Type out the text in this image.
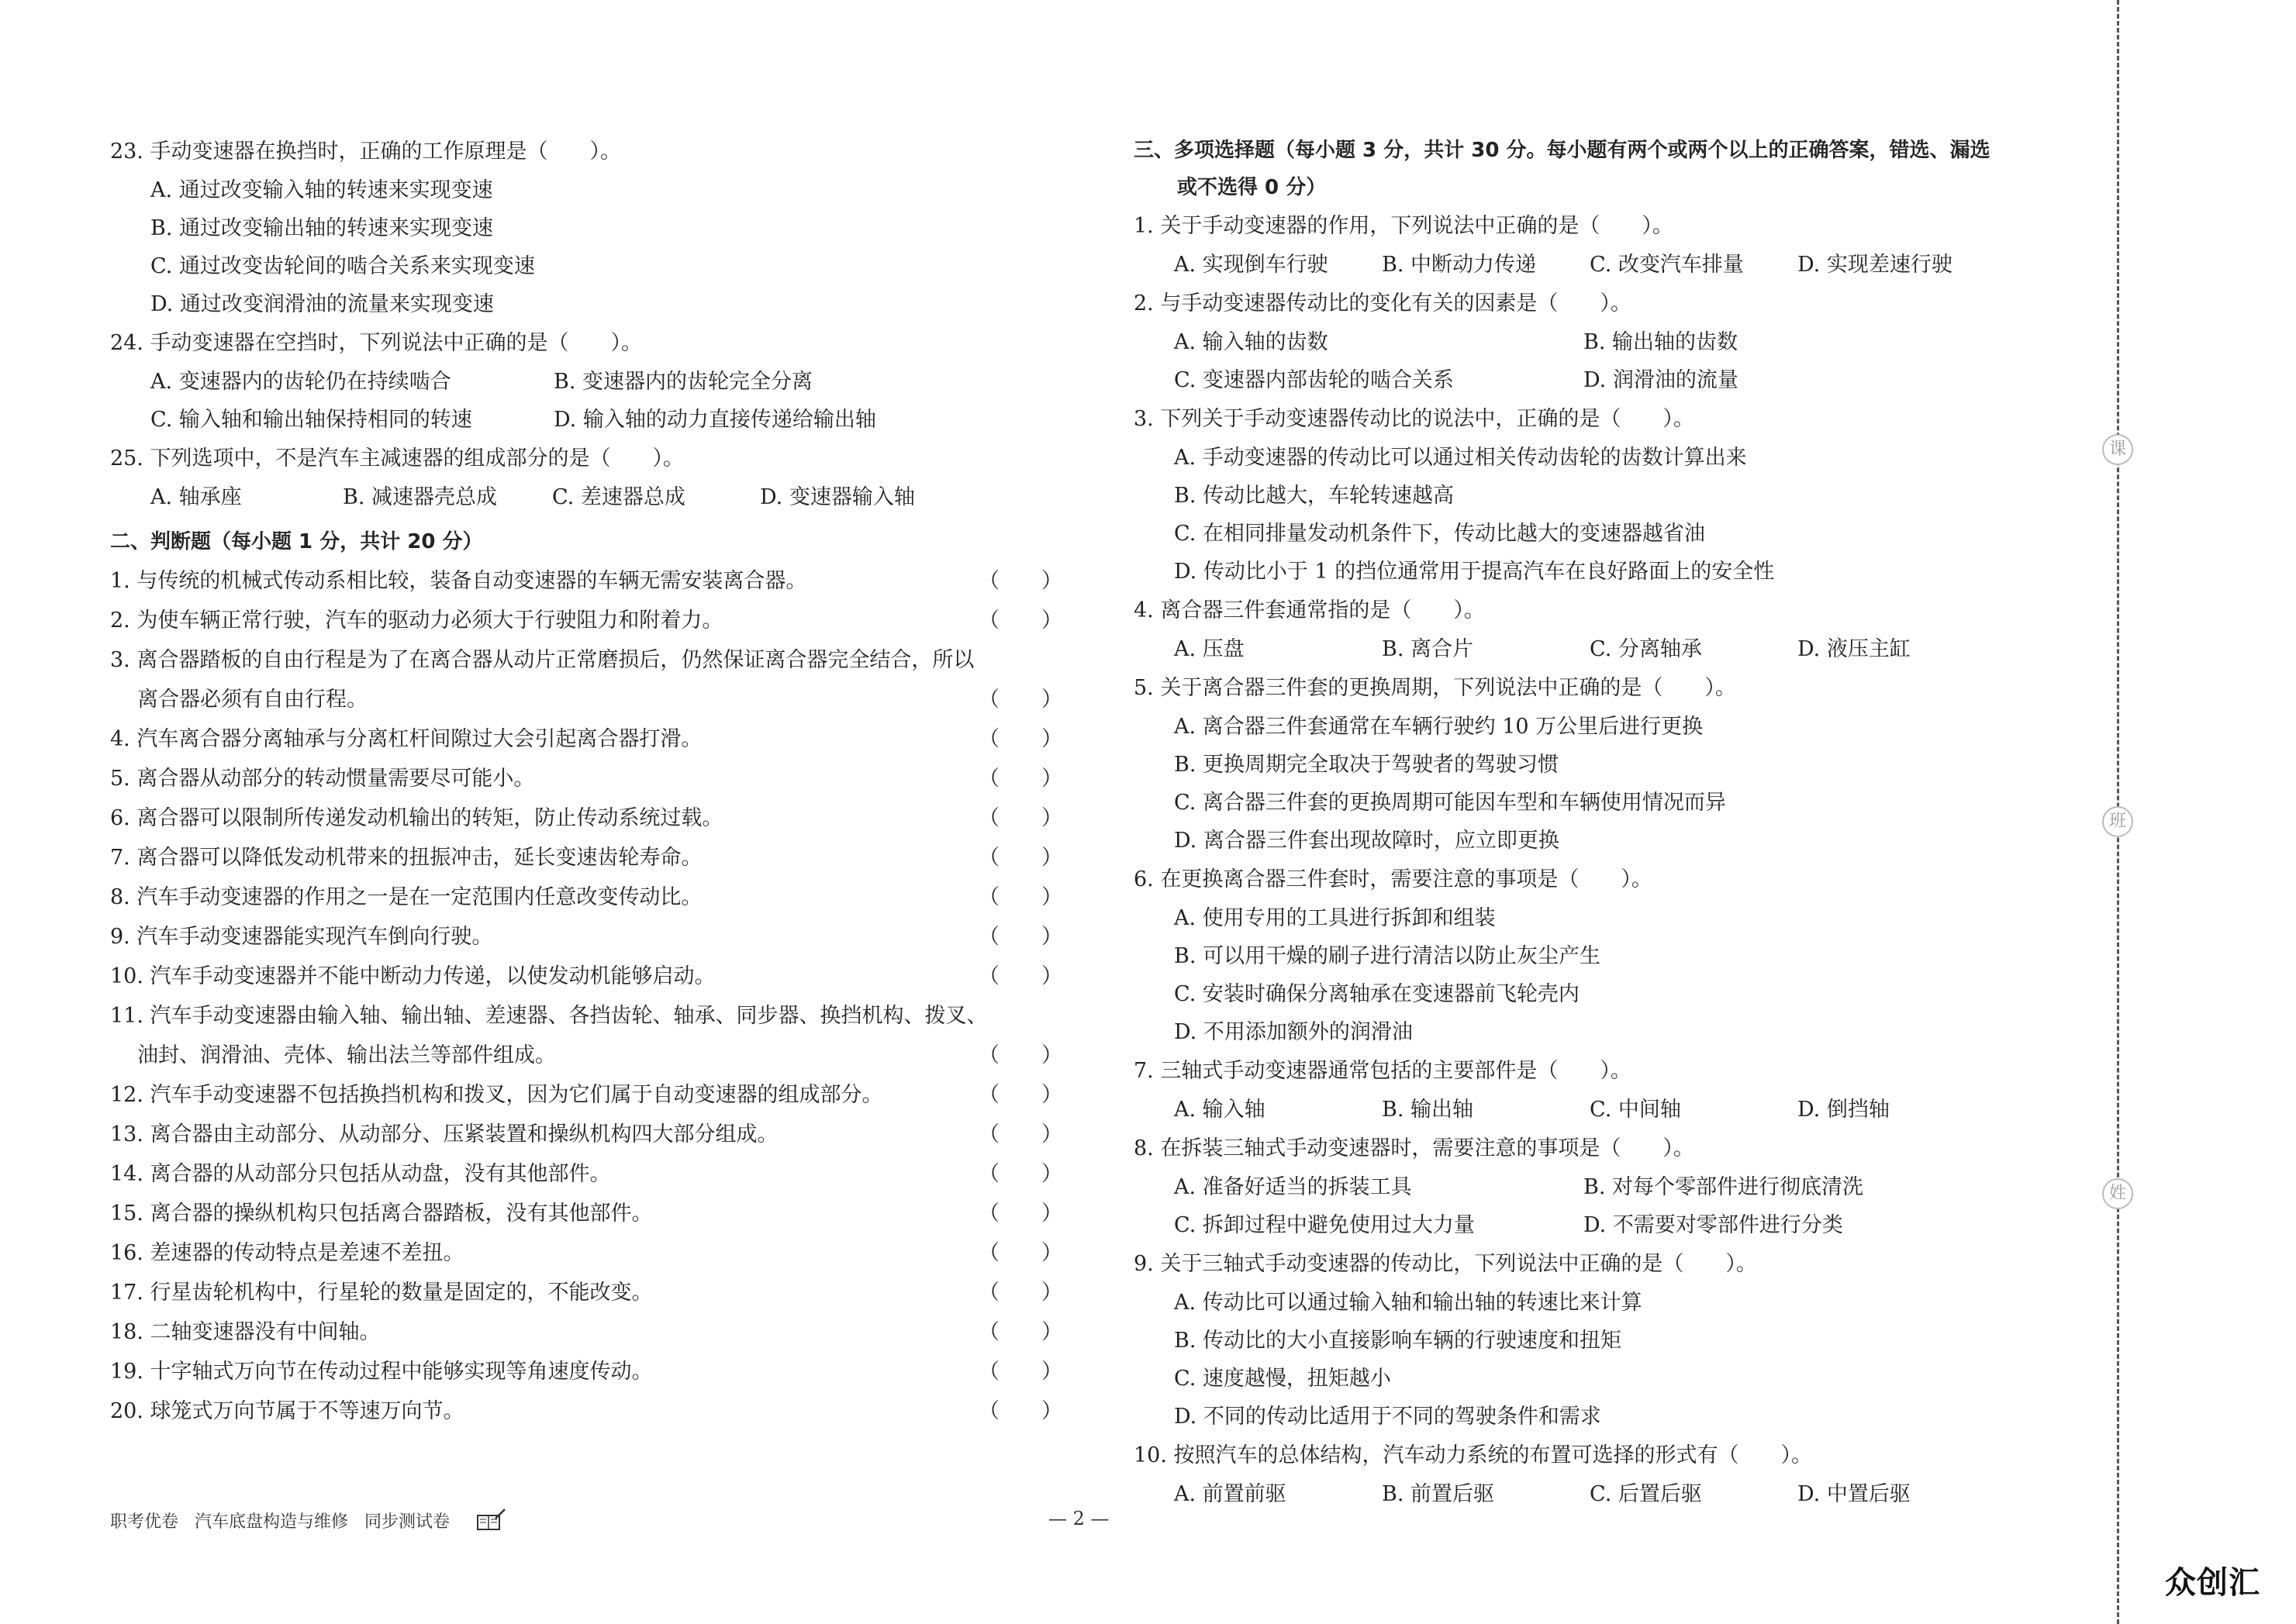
23. 手动变速器在换挡时，正确的工作原理是（　　）。
A. 通过改变输入轴的转速来实现变速
B. 通过改变输出轴的转速来实现变速
C. 通过改变齿轮间的啮合关系来实现变速
D. 通过改变润滑油的流量来实现变速
24. 手动变速器在空挡时，下列说法中正确的是（　　）。
A. 变速器内的齿轮仍在持续啮合	B. 变速器内的齿轮完全分离
C. 输入轴和输出轴保持相同的转速	D. 输入轴的动力直接传递给输出轴
25. 下列选项中，不是汽车主减速器的组成部分的是（　　）。
A. 轴承座	B. 减速器壳总成	C. 差速器总成	D. 变速器输入轴
二、判断题（每小题 1 分，共计 20 分）
1. 与传统的机械式传动系相比较，装备自动变速器的车辆无需安装离合器。	（　　）
2. 为使车辆正常行驶，汽车的驱动力必须大于行驶阻力和附着力。	（　　）
3. 离合器踏板的自由行程是为了在离合器从动片正常磨损后，仍然保证离合器完全结合，所以
离合器必须有自由行程。	（　　）
4. 汽车离合器分离轴承与分离杠杆间隙过大会引起离合器打滑。	（　　）
5. 离合器从动部分的转动惯量需要尽可能小。	（　　）
6. 离合器可以限制所传递发动机输出的转矩，防止传动系统过载。	（　　）
7. 离合器可以降低发动机带来的扭振冲击，延长变速齿轮寿命。	（　　）
8. 汽车手动变速器的作用之一是在一定范围内任意改变传动比。	（　　）
9. 汽车手动变速器能实现汽车倒向行驶。	（　　）
10. 汽车手动变速器并不能中断动力传递，以使发动机能够启动。	（　　）
11. 汽车手动变速器由输入轴、输出轴、差速器、各挡齿轮、轴承、同步器、换挡机构、拨叉、
油封、润滑油、壳体、输出法兰等部件组成。	（　　）
12. 汽车手动变速器不包括换挡机构和拨叉，因为它们属于自动变速器的组成部分。	（　　）
13. 离合器由主动部分、从动部分、压紧装置和操纵机构四大部分组成。	（　　）
14. 离合器的从动部分只包括从动盘，没有其他部件。	（　　）
15. 离合器的操纵机构只包括离合器踏板，没有其他部件。	（　　）
16. 差速器的传动特点是差速不差扭。	（　　）
17. 行星齿轮机构中，行星轮的数量是固定的，不能改变。	（　　）
18. 二轴变速器没有中间轴。	（　　）
19. 十字轴式万向节在传动过程中能够实现等角速度传动。	（　　）
20. 球笼式万向节属于不等速万向节。	（　　）
三、多项选择题（每小题 3 分，共计 30 分。每小题有两个或两个以上的正确答案，错选、漏选
或不选得 0 分）
1. 关于手动变速器的作用，下列说法中正确的是（　　）。
A. 实现倒车行驶	B. 中断动力传递	C. 改变汽车排量	D. 实现差速行驶
2. 与手动变速器传动比的变化有关的因素是（　　）。
A. 输入轴的齿数	B. 输出轴的齿数
C. 变速器内部齿轮的啮合关系	D. 润滑油的流量
3. 下列关于手动变速器传动比的说法中，正确的是（　　）。
A. 手动变速器的传动比可以通过相关传动齿轮的齿数计算出来
B. 传动比越大，车轮转速越高
C. 在相同排量发动机条件下，传动比越大的变速器越省油
D. 传动比小于 1 的挡位通常用于提高汽车在良好路面上的安全性
4. 离合器三件套通常指的是（　　）。
A. 压盘	B. 离合片	C. 分离轴承	D. 液压主缸
5. 关于离合器三件套的更换周期，下列说法中正确的是（　　）。
A. 离合器三件套通常在车辆行驶约 10 万公里后进行更换
B. 更换周期完全取决于驾驶者的驾驶习惯
C. 离合器三件套的更换周期可能因车型和车辆使用情况而异
D. 离合器三件套出现故障时，应立即更换
6. 在更换离合器三件套时，需要注意的事项是（　　）。
A. 使用专用的工具进行拆卸和组装
B. 可以用干燥的刷子进行清洁以防止灰尘产生
C. 安装时确保分离轴承在变速器前飞轮壳内
D. 不用添加额外的润滑油
7. 三轴式手动变速器通常包括的主要部件是（　　）。
A. 输入轴	B. 输出轴	C. 中间轴	D. 倒挡轴
8. 在拆装三轴式手动变速器时，需要注意的事项是（　　）。
A. 准备好适当的拆装工具	B. 对每个零部件进行彻底清洗
C. 拆卸过程中避免使用过大力量	D. 不需要对零部件进行分类
9. 关于三轴式手动变速器的传动比，下列说法中正确的是（　　）。
A. 传动比可以通过输入轴和输出轴的转速比来计算
B. 传动比的大小直接影响车辆的行驶速度和扭矩
C. 速度越慢，扭矩越小
D. 不同的传动比适用于不同的驾驶条件和需求
10. 按照汽车的总体结构，汽车动力系统的布置可选择的形式有（　　）。
A. 前置前驱	B. 前置后驱	C. 后置后驱	D. 中置后驱
职考优卷 汽车底盘构造与维修 同步测试卷	— 2 —
课
班
姓
众创汇
